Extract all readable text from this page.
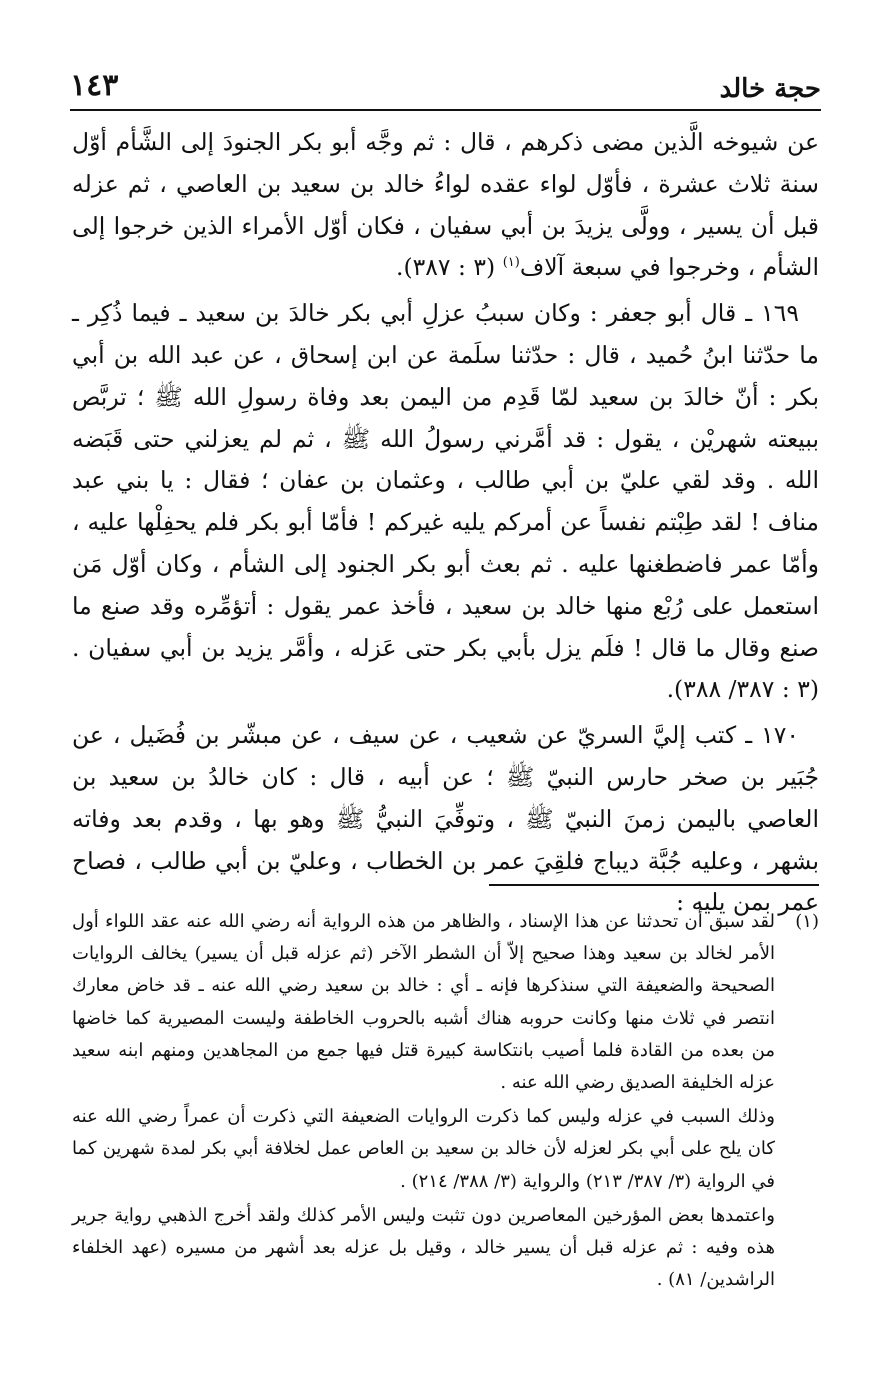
حجة خالد
١٤٣

عن شيوخه الَّذين مضى ذكرهم ، قال : ثم وجَّه أبو بكر الجنودَ إلى الشَّأم أوّل سنة ثلاث عشرة ، فأوّل لواء عقده لواءُ خالد بن سعيد بن العاصي ، ثم عزله قبل أن يسير ، وولَّى يزيدَ بن أبي سفيان ، فكان أوّل الأمراء الذين خرجوا إلى الشأم ، وخرجوا في سبعة آلاف$^{(١)}$ (٣ : ٣٨٧).

١٦٩ ـ قال أبو جعفر : وكان سببُ عزلِ أبي بكر خالدَ بن سعيد ـ فيما ذُكِر ـ ما حدّثنا ابنُ حُميد ، قال : حدّثنا سلَمة عن ابن إسحاق ، عن عبد الله بن أبي بكر : أنّ خالدَ بن سعيد لمّا قَدِم من اليمن بعد وفاة رسولِ الله ﷺ ؛ تربَّص ببيعته شهريْن ، يقول : قد أمَّرني رسولُ الله ﷺ ، ثم لم يعزلني حتى قَبَضه الله . وقد لقي عليّ بن أبي طالب ، وعثمان بن عفان ؛ فقال : يا بني عبد مناف ! لقد طِبْتم نفساً عن أمركم يليه غيركم ! فأمّا أبو بكر فلم يحفِلْها عليه ، وأمّا عمر فاضطغنها عليه . ثم بعث أبو بكر الجنود إلى الشأم ، وكان أوّل مَن استعمل على رُبْع منها خالد بن سعيد ، فأخذ عمر يقول : أتؤمِّره وقد صنع ما صنع وقال ما قال ! فلَم يزل بأبي بكر حتى عَزله ، وأمَّر يزيد بن أبي سفيان . (٣ : ٣٨٧/ ٣٨٨).

١٧٠ ـ كتب إليَّ السريّ عن شعيب ، عن سيف ، عن مبشّر بن فُضَيل ، عن جُبَير بن صخر حارس النبيّ ﷺ ؛ عن أبيه ، قال : كان خالدُ بن سعيد بن العاصي باليمن زمنَ النبيّ ﷺ ، وتوفِّيَ النبيُّ ﷺ وهو بها ، وقدم بعد وفاته بشهر ، وعليه جُبَّة ديباج فلقِيَ عمر بن الخطاب ، وعليّ بن أبي طالب ، فصاح عمر بمن يليه :

(١)

لقد سبق أن تحدثنا عن هذا الإسناد ، والظاهر من هذه الرواية أنه رضي الله عنه عقد اللواء أول الأمر لخالد بن سعيد وهذا صحيح إلاّ أن الشطر الآخر (ثم عزله قبل أن يسير) يخالف الروايات الصحيحة والضعيفة التي سنذكرها فإنه ـ أي : خالد بن سعيد رضي الله عنه ـ قد خاض معارك انتصر في ثلاث منها وكانت حروبه هناك أشبه بالحروب الخاطفة وليست المصيرية كما خاضها من بعده من القادة فلما أصيب بانتكاسة كبيرة قتل فيها جمع من المجاهدين ومنهم ابنه سعيد عزله الخليفة الصديق رضي الله عنه .

وذلك السبب في عزله وليس كما ذكرت الروايات الضعيفة التي ذكرت أن عمراً رضي الله عنه كان يلح على أبي بكر لعزله لأن خالد بن سعيد بن العاص عمل لخلافة أبي بكر لمدة شهرين كما في الرواية (٣/ ٣٨٧/ ٢١٣) والرواية (٣/ ٣٨٨/ ٢١٤) .

واعتمدها بعض المؤرخين المعاصرين دون تثبت وليس الأمر كذلك ولقد أخرج الذهبي رواية جرير هذه وفيه : ثم عزله قبل أن يسير خالد ، وقيل بل عزله بعد أشهر من مسيره (عهد الخلفاء الراشدين/ ٨١) .
